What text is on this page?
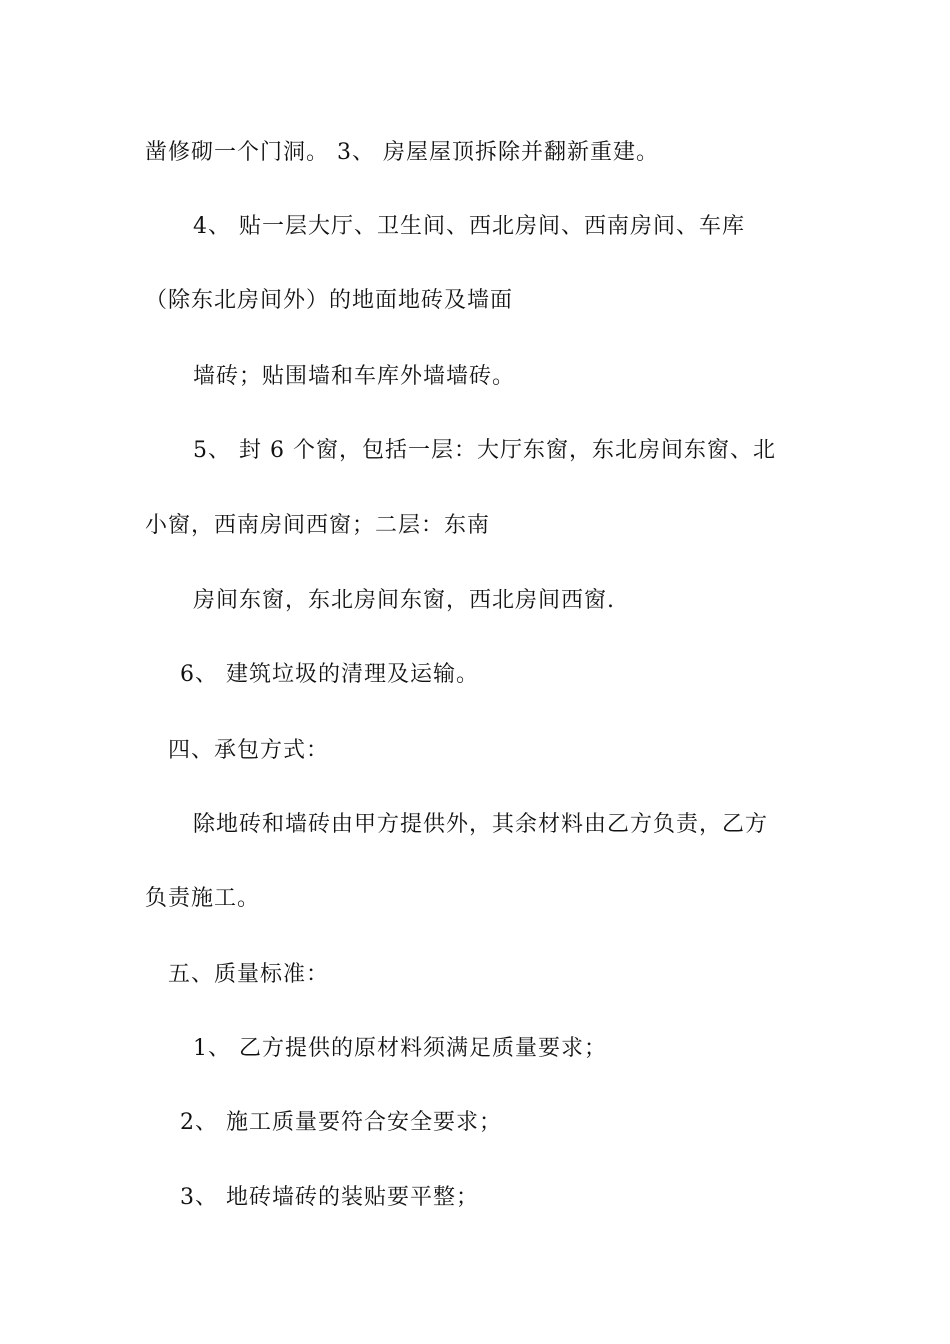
凿修砌一个门洞。 3、 房屋屋顶拆除并翻新重建。
4、 贴一层大厅、卫生间、西北房间、西南房间、车库
（除东北房间外）的地面地砖及墙面
墙砖；贴围墙和车库外墙墙砖。
5、 封 6 个窗，包括一层：大厅东窗，东北房间东窗、北
小窗，西南房间西窗；二层：东南
房间东窗，东北房间东窗，西北房间西窗.
6、 建筑垃圾的清理及运输。
四、承包方式：
除地砖和墙砖由甲方提供外，其余材料由乙方负责，乙方
负责施工。
五、质量标准：
1、 乙方提供的原材料须满足质量要求；
2、 施工质量要符合安全要求；
3、 地砖墙砖的装贴要平整；
